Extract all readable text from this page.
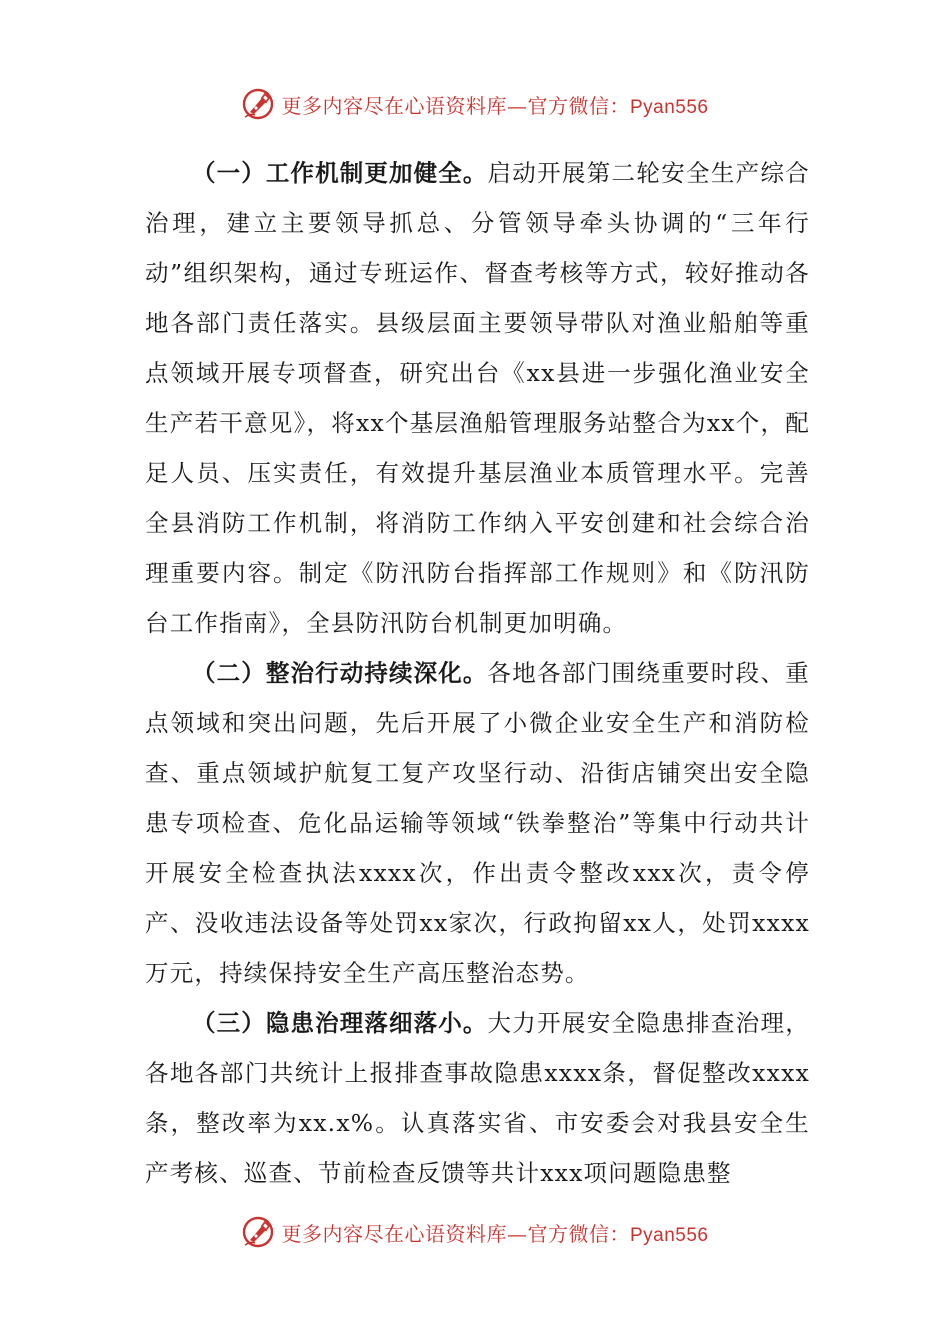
更多内容尽在心语资料库—官方微信：Pyan556

（一）工作机制更加健全。启动开展第二轮安全生产综合治理，建立主要领导抓总、分管领导牵头协调的“三年行动”组织架构，通过专班运作、督查考核等方式，较好推动各地各部门责任落实。县级层面主要领导带队对渔业船舶等重点领域开展专项督查，研究出台《xx县进一步强化渔业安全生产若干意见》，将xx个基层渔船管理服务站整合为xx个，配足人员、压实责任，有效提升基层渔业本质管理水平。完善全县消防工作机制，将消防工作纳入平安创建和社会综合治理重要内容。制定《防汛防台指挥部工作规则》和《防汛防台工作指南》，全县防汛防台机制更加明确。

（二）整治行动持续深化。各地各部门围绕重要时段、重点领域和突出问题，先后开展了小微企业安全生产和消防检查、重点领域护航复工复产攻坚行动、沿街店铺突出安全隐患专项检查、危化品运输等领域“铁拳整治”等集中行动共计开展安全检查执法xxxx次，作出责令整改xxx次，责令停产、没收违法设备等处罚xx家次，行政拘留xx人，处罚xxxx万元，持续保持安全生产高压整治态势。

（三）隐患治理落细落小。大力开展安全隐患排查治理，各地各部门共统计上报排查事故隐患xxxx条，督促整改xxxx条，整改率为xx.x%。认真落实省、市安委会对我县安全生产考核、巡查、节前检查反馈等共计xxx项问题隐患整

更多内容尽在心语资料库—官方微信：Pyan556
